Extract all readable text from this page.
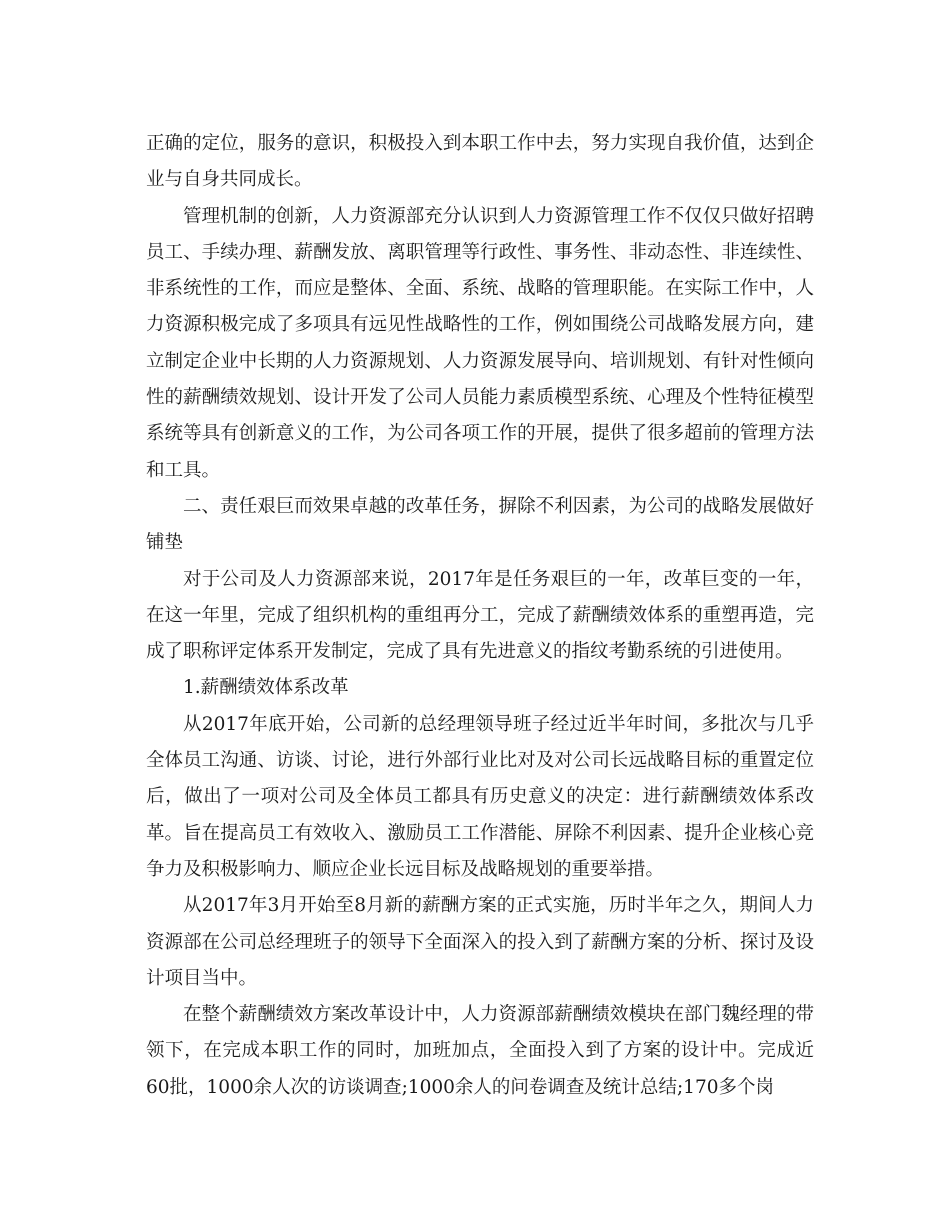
正确的定位，服务的意识，积极投入到本职工作中去，努力实现自我价值，达到企业与自身共同成长。

管理机制的创新，人力资源部充分认识到人力资源管理工作不仅仅只做好招聘员工、手续办理、薪酬发放、离职管理等行政性、事务性、非动态性、非连续性、非系统性的工作，而应是整体、全面、系统、战略的管理职能。在实际工作中，人力资源积极完成了多项具有远见性战略性的工作，例如围绕公司战略发展方向，建立制定企业中长期的人力资源规划、人力资源发展导向、培训规划、有针对性倾向性的薪酬绩效规划、设计开发了公司人员能力素质模型系统、心理及个性特征模型系统等具有创新意义的工作，为公司各项工作的开展，提供了很多超前的管理方法和工具。

二、责任艰巨而效果卓越的改革任务，摒除不利因素，为公司的战略发展做好铺垫

对于公司及人力资源部来说，2017年是任务艰巨的一年，改革巨变的一年，在这一年里，完成了组织机构的重组再分工，完成了薪酬绩效体系的重塑再造，完成了职称评定体系开发制定，完成了具有先进意义的指纹考勤系统的引进使用。

1.薪酬绩效体系改革

从2017年底开始，公司新的总经理领导班子经过近半年时间，多批次与几乎全体员工沟通、访谈、讨论，进行外部行业比对及对公司长远战略目标的重置定位后，做出了一项对公司及全体员工都具有历史意义的决定：进行薪酬绩效体系改革。旨在提高员工有效收入、激励员工工作潜能、屏除不利因素、提升企业核心竞争力及积极影响力、顺应企业长远目标及战略规划的重要举措。

从2017年3月开始至8月新的薪酬方案的正式实施，历时半年之久，期间人力资源部在公司总经理班子的领导下全面深入的投入到了薪酬方案的分析、探讨及设计项目当中。

在整个薪酬绩效方案改革设计中，人力资源部薪酬绩效模块在部门魏经理的带领下，在完成本职工作的同时，加班加点，全面投入到了方案的设计中。完成近60批，1000余人次的访谈调查;1000余人的问卷调查及统计总结;170多个岗
